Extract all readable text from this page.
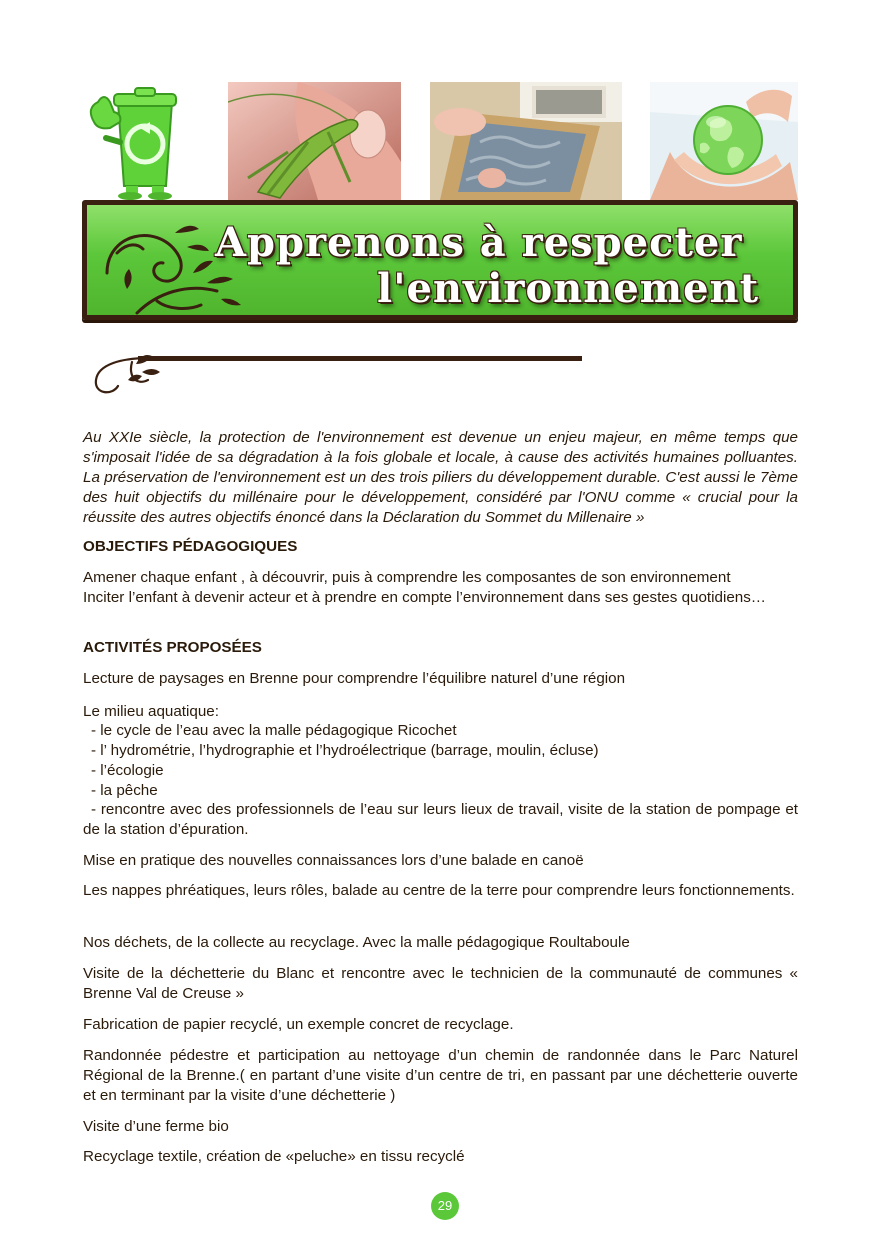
Apprenons à respecter
l'environnement
Au XXIe siècle, la protection de l'environnement est devenue un enjeu majeur, en même temps que s'imposait l'idée de sa dégradation à la fois globale et locale, à cause des activités humaines polluantes. La préservation de l'environnement est un des trois piliers du développement durable. C'est aussi le 7ème des huit objectifs du millénaire pour le développement, considéré par l'ONU comme « crucial pour la réussite des autres objectifs énoncé dans la Déclaration du Sommet du Millenaire »
OBJECTIFS PÉDAGOGIQUES
Amener chaque enfant , à découvrir, puis à comprendre les composantes de son environnement
Inciter l’enfant à devenir acteur et à prendre en compte l’environnement dans ses gestes quotidiens…
ACTIVITÉS PROPOSÉES
Lecture de paysages en Brenne pour comprendre l’équilibre naturel d’une région
Le milieu aquatique:
- le cycle de l’eau avec la malle pédagogique Ricochet
- l’ hydrométrie, l’hydrographie et l’hydroélectrique (barrage, moulin, écluse)
- l’écologie
- la pêche
- rencontre avec des professionnels de l’eau sur leurs lieux de travail, visite de la station de pompage et de la station d’épuration.
Mise en pratique des nouvelles connaissances lors d’une balade en canoë
Les nappes phréatiques, leurs rôles, balade au centre de la terre pour comprendre leurs fonctionnements.
Nos déchets, de la collecte au recyclage. Avec la malle pédagogique Roultaboule
Visite de la déchetterie du Blanc et rencontre avec le technicien de la communauté de communes « Brenne Val de Creuse »
Fabrication de papier recyclé, un exemple concret de recyclage.
Randonnée pédestre et participation au nettoyage d’un chemin de randonnée dans le Parc Naturel Régional de la Brenne.( en partant d’une visite d’un centre de tri, en passant par une déchetterie ouverte et en terminant par la visite d’une déchetterie )
Visite d’une ferme bio
Recyclage textile, création de «peluche» en tissu recyclé
29
